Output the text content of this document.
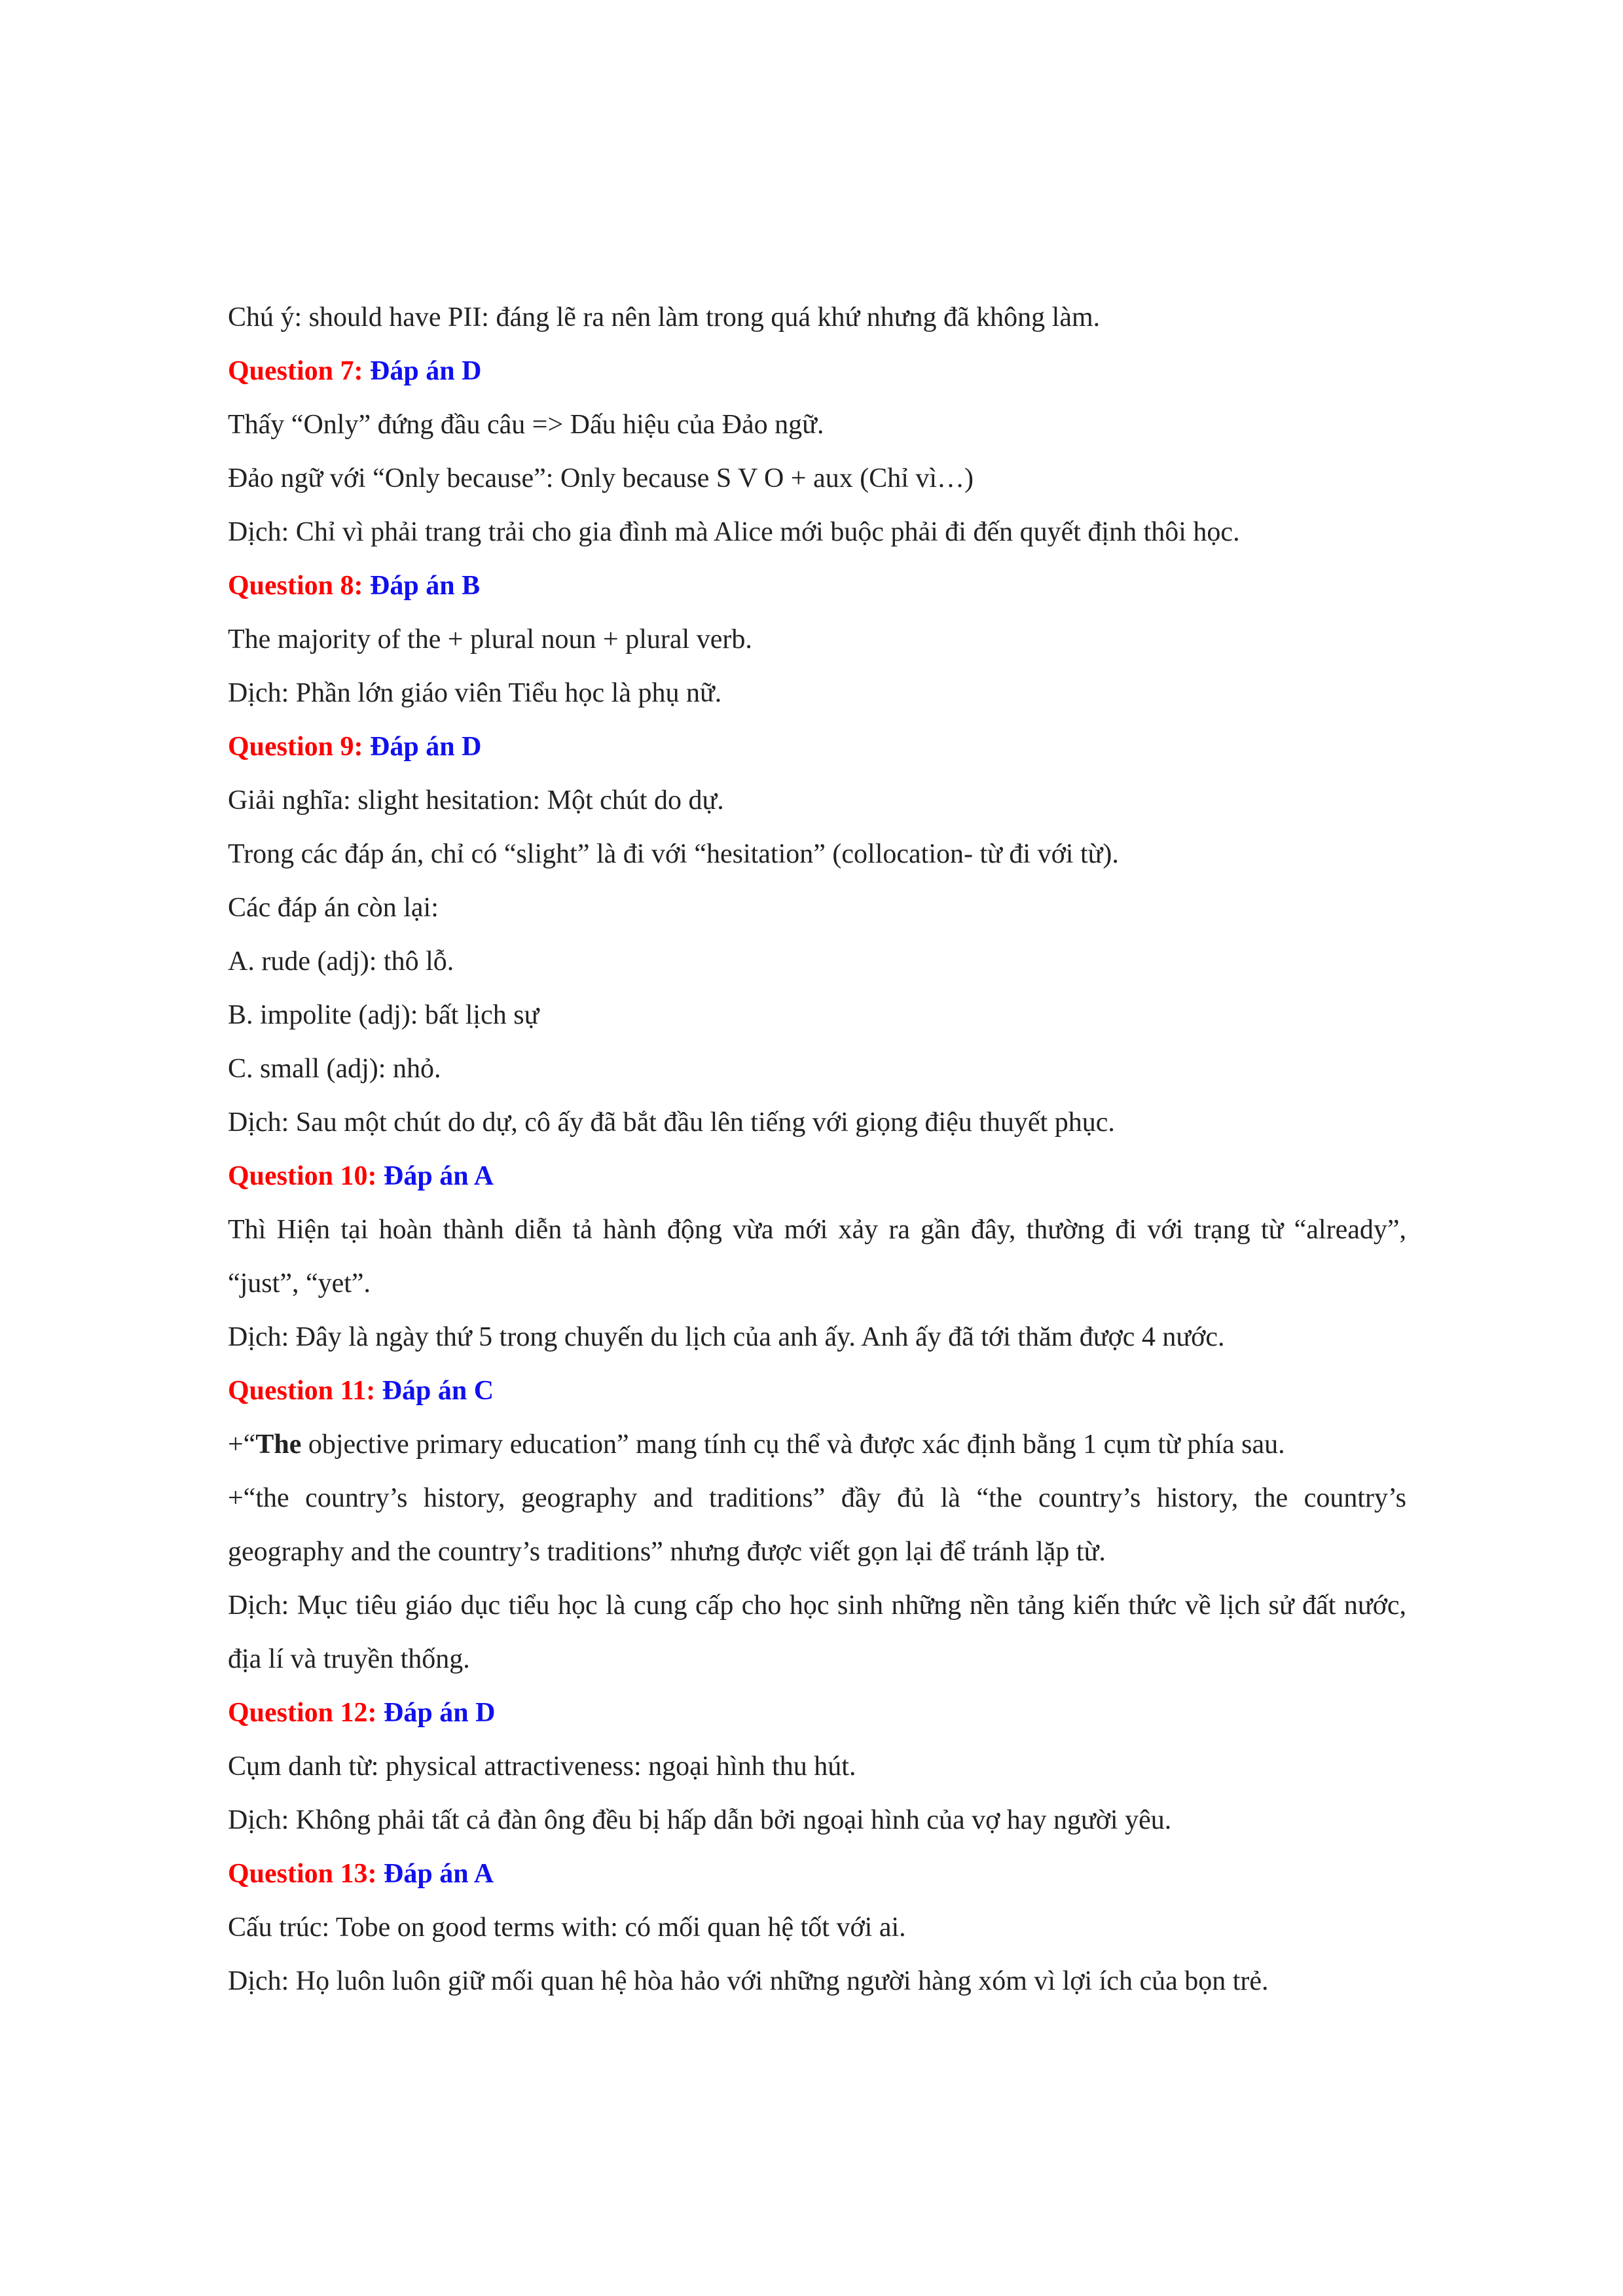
Chú ý: should have PII: đáng lẽ ra nên làm trong quá khứ nhưng đã không làm.

Question 7: Đáp án D

Thấy “Only” đứng đầu câu => Dấu hiệu của Đảo ngữ.

Đảo ngữ với “Only because”: Only because S V O + aux (Chỉ vì…)

Dịch: Chỉ vì phải trang trải cho gia đình mà Alice mới buộc phải đi đến quyết định thôi học.

Question 8: Đáp án B

The majority of the + plural noun + plural verb.

Dịch: Phần lớn giáo viên Tiểu học là phụ nữ.

Question 9: Đáp án D

Giải nghĩa: slight hesitation: Một chút do dự.

Trong các đáp án, chỉ có “slight” là đi với “hesitation” (collocation- từ đi với từ).

Các đáp án còn lại:

A. rude (adj): thô lỗ.

B. impolite (adj): bất lịch sự

C. small (adj): nhỏ.

Dịch: Sau một chút do dự, cô ấy đã bắt đầu lên tiếng với giọng điệu thuyết phục.

Question 10: Đáp án A

Thì Hiện tại hoàn thành diễn tả hành động vừa mới xảy ra gần đây, thường đi với trạng từ “already”, “just”, “yet”.

Dịch: Đây là ngày thứ 5 trong chuyến du lịch của anh ấy. Anh ấy đã tới thăm được 4 nước.

Question 11: Đáp án C

+“The objective primary education” mang tính cụ thể và được xác định bằng 1 cụm từ phía sau.

+“the country’s history, geography and traditions” đầy đủ là “the country’s history, the country’s geography and the country’s traditions” nhưng được viết gọn lại để tránh lặp từ.

Dịch: Mục tiêu giáo dục tiểu học là cung cấp cho học sinh những nền tảng kiến thức về lịch sử đất nước, địa lí và truyền thống.

Question 12: Đáp án D

Cụm danh từ: physical attractiveness: ngoại hình thu hút.

Dịch: Không phải tất cả đàn ông đều bị hấp dẫn bởi ngoại hình của vợ hay người yêu.

Question 13: Đáp án A

Cấu trúc: Tobe on good terms with: có mối quan hệ tốt với ai.

Dịch: Họ luôn luôn giữ mối quan hệ hòa hảo với những người hàng xóm vì lợi ích của bọn trẻ.
